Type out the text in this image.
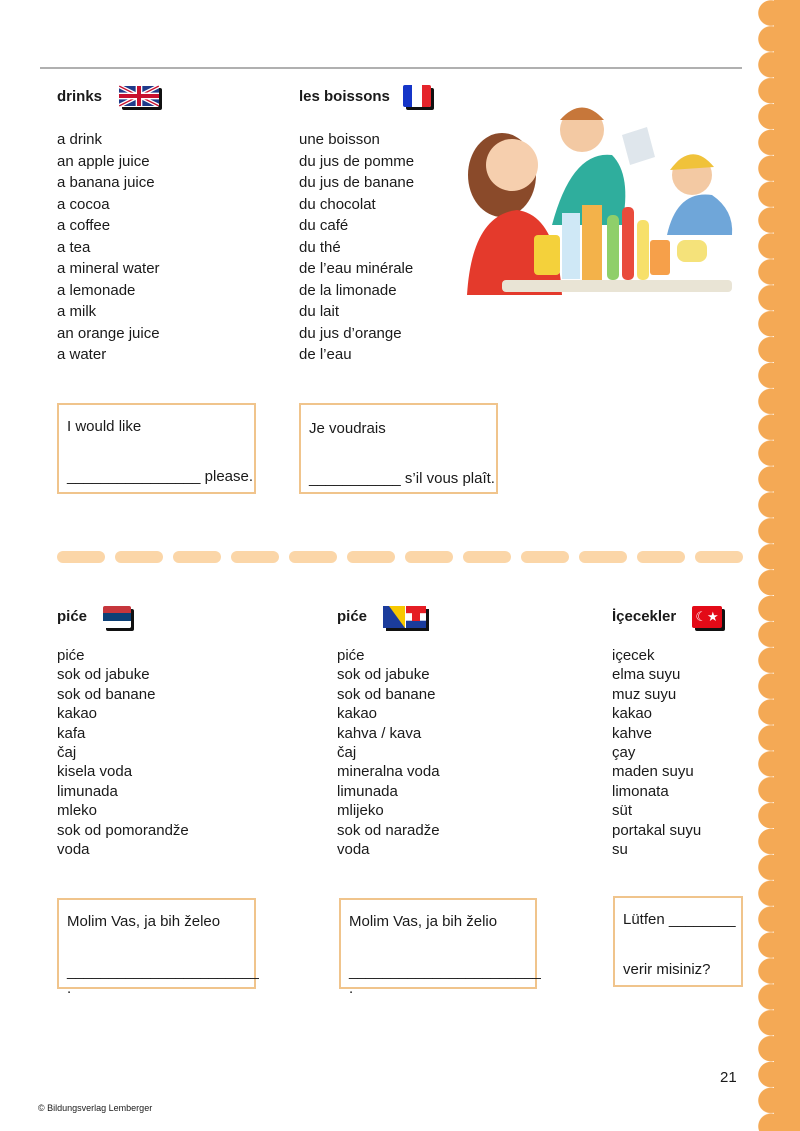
drinks
a drink
an apple juice
a banana juice
a cocoa
a coffee
a tea
a mineral water
a lemonade
a milk
an orange juice
a water
les boissons
une boisson
du jus de pomme
du jus de banane
du chocolat
du café
du thé
de l’eau minérale
de la limonade
du lait
du jus d’orange
de l’eau
I would like
________________ please.
Je voudrais
___________ s’il vous plaît.
piće
piće
sok od jabuke
sok od banane
kakao
kafa
čaj
kisela voda
limunada
mleko
sok od pomorandže
voda
piće
piće
sok od jabuke
sok od banane
kakao
kahva / kava
čaj
mineralna voda
limunada
mlijeko
sok od naradže
voda
İçecekler ☾★
içecek
elma suyu
muz suyu
kakao
kahve
çay
maden suyu
limonata
süt
portakal suyu
su
Molim Vas, ja bih želeo
_______________________ .
Molim Vas, ja bih želio
_______________________ .
Lütfen ________
verir misiniz?
21
© Bildungsverlag Lemberger
